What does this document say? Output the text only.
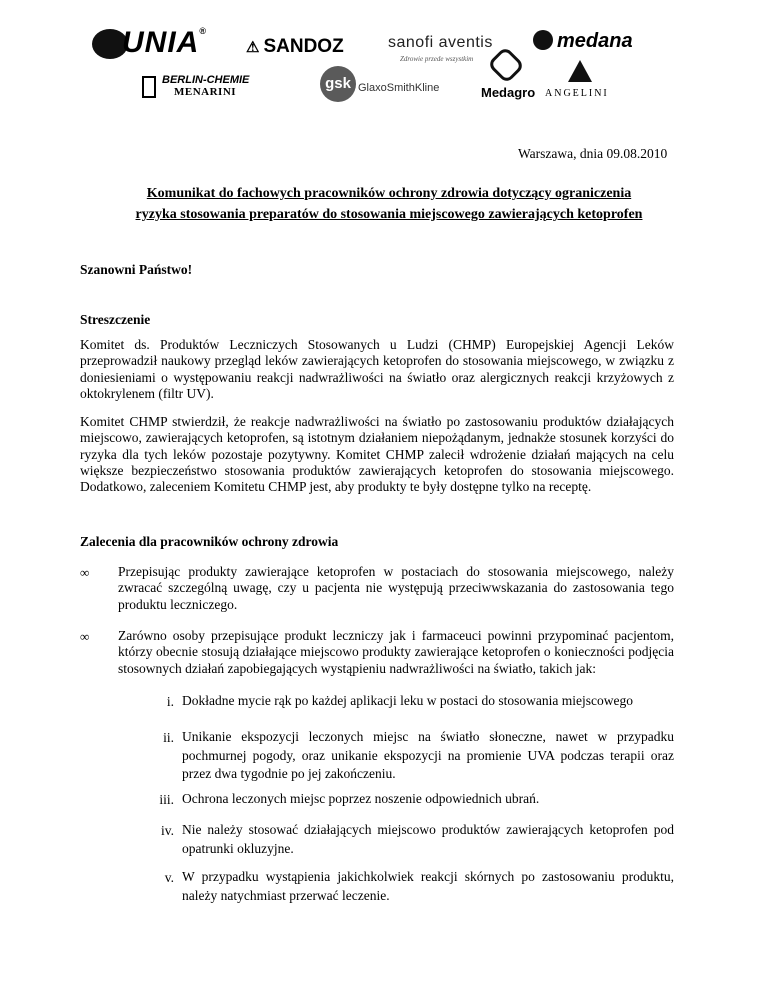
UNIA®
⚠ SANDOZ	sanofi aventis
Zdrowie przede wszystkim
medana
BERLIN-CHEMIE
MENARINI	gsk GlaxoSmithKline	Medagro ANGELINI
Warszawa, dnia 09.08.2010
Komunikat do fachowych pracowników ochrony zdrowia dotyczący ograniczenia
ryzyka stosowania preparatów do stosowania miejscowego zawierających ketoprofen
Szanowni Państwo!
Streszczenie
Komitet ds. Produktów Leczniczych Stosowanych u Ludzi (CHMP) Europejskiej Agencji Leków przeprowadził naukowy przegląd leków zawierających ketoprofen do stosowania miejscowego, w związku z doniesieniami o występowaniu reakcji nadwrażliwości na światło oraz alergicznych reakcji krzyżowych z oktokrylenem (filtr UV).
Komitet CHMP stwierdził, że reakcje nadwrażliwości na światło po zastosowaniu produktów działających miejscowo, zawierających ketoprofen, są istotnym działaniem niepożądanym, jednakże stosunek korzyści do ryzyka dla tych leków pozostaje pozytywny. Komitet CHMP zalecił wdrożenie działań mających na celu większe bezpieczeństwo stosowania produktów zawierających ketoprofen do stosowania miejscowego. Dodatkowo, zaleceniem Komitetu CHMP jest, aby produkty te były dostępne tylko na receptę.
Zalecenia dla pracowników ochrony zdrowia
∞ Przepisując produkty zawierające ketoprofen w postaciach do stosowania miejscowego, należy zwracać szczególną uwagę, czy u pacjenta nie występują przeciwwskazania do zastosowania tego produktu leczniczego.
∞ Zarówno osoby przepisujące produkt leczniczy jak i farmaceuci powinni przypominać pacjentom, którzy obecnie stosują działające miejscowo produkty zawierające ketoprofen o konieczności podjęcia stosownych działań zapobiegających wystąpieniu nadwrażliwości na światło, takich jak:
i. Dokładne mycie rąk po każdej aplikacji leku w postaci do stosowania miejscowego
ii. Unikanie ekspozycji leczonych miejsc na światło słoneczne, nawet w przypadku pochmurnej pogody, oraz unikanie ekspozycji na promienie UVA podczas terapii oraz przez dwa tygodnie po jej zakończeniu.
iii. Ochrona leczonych miejsc poprzez noszenie odpowiednich ubrań.
iv. Nie należy stosować działających miejscowo produktów zawierających ketoprofen pod opatrunki okluzyjne.
v. W przypadku wystąpienia jakichkolwiek reakcji skórnych po zastosowaniu produktu, należy natychmiast przerwać leczenie.
